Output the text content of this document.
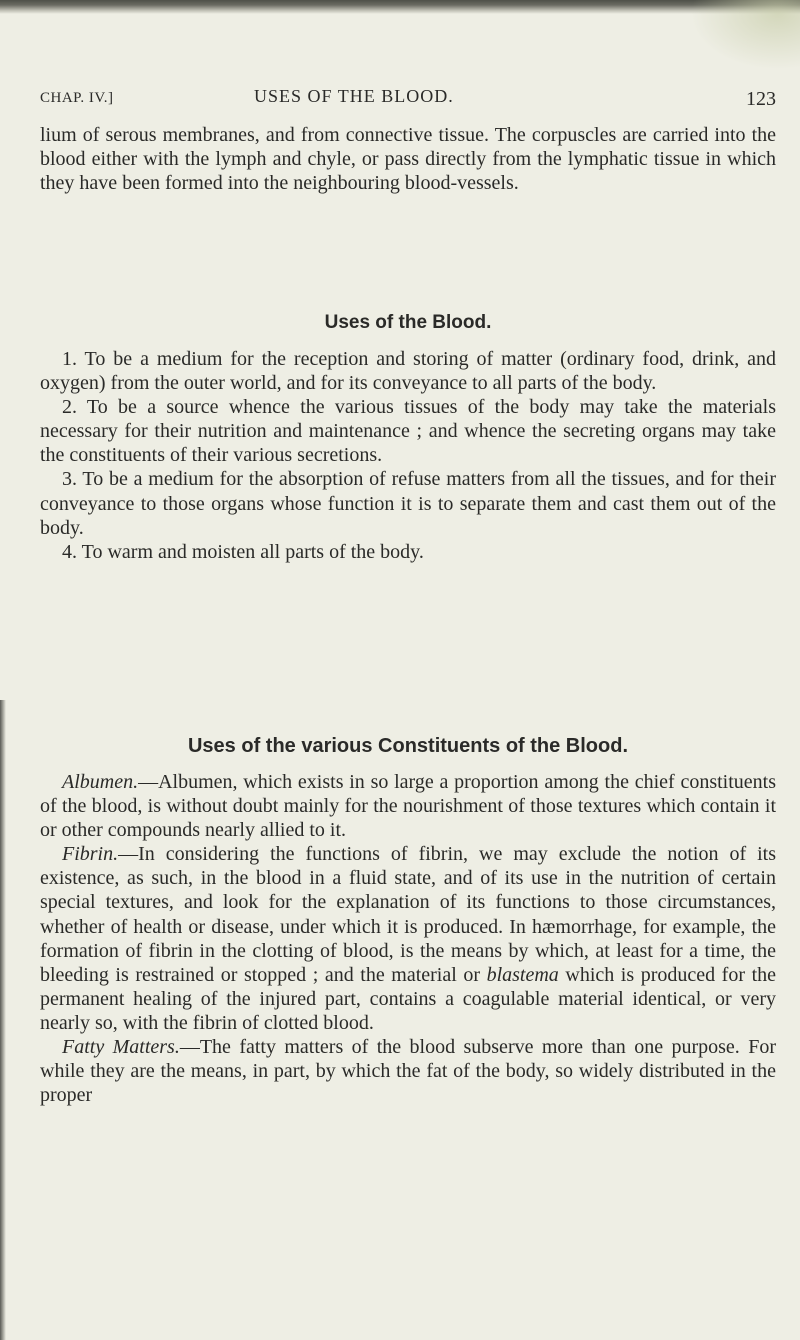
CHAP. IV.]	USES OF THE BLOOD.	123

lium of serous membranes, and from connective tissue. The corpuscles are carried into the blood either with the lymph and chyle, or pass directly from the lymphatic tissue in which they have been formed into the neighbouring blood-vessels.

Uses of the Blood.

1. To be a medium for the reception and storing of matter (ordinary food, drink, and oxygen) from the outer world, and for its conveyance to all parts of the body.

2. To be a source whence the various tissues of the body may take the materials necessary for their nutrition and maintenance ; and whence the secreting organs may take the constituents of their various secretions.

3. To be a medium for the absorption of refuse matters from all the tissues, and for their conveyance to those organs whose function it is to separate them and cast them out of the body.

4. To warm and moisten all parts of the body.

Uses of the various Constituents of the Blood.

Albumen.—Albumen, which exists in so large a proportion among the chief constituents of the blood, is without doubt mainly for the nourishment of those textures which contain it or other compounds nearly allied to it.

Fibrin.—In considering the functions of fibrin, we may exclude the notion of its existence, as such, in the blood in a fluid state, and of its use in the nutrition of certain special textures, and look for the explanation of its functions to those circumstances, whether of health or disease, under which it is produced. In hæmorrhage, for example, the formation of fibrin in the clotting of blood, is the means by which, at least for a time, the bleeding is restrained or stopped ; and the material or blastema which is produced for the permanent healing of the injured part, contains a coagulable material identical, or very nearly so, with the fibrin of clotted blood.

Fatty Matters.—The fatty matters of the blood subserve more than one purpose. For while they are the means, in part, by which the fat of the body, so widely distributed in the proper
